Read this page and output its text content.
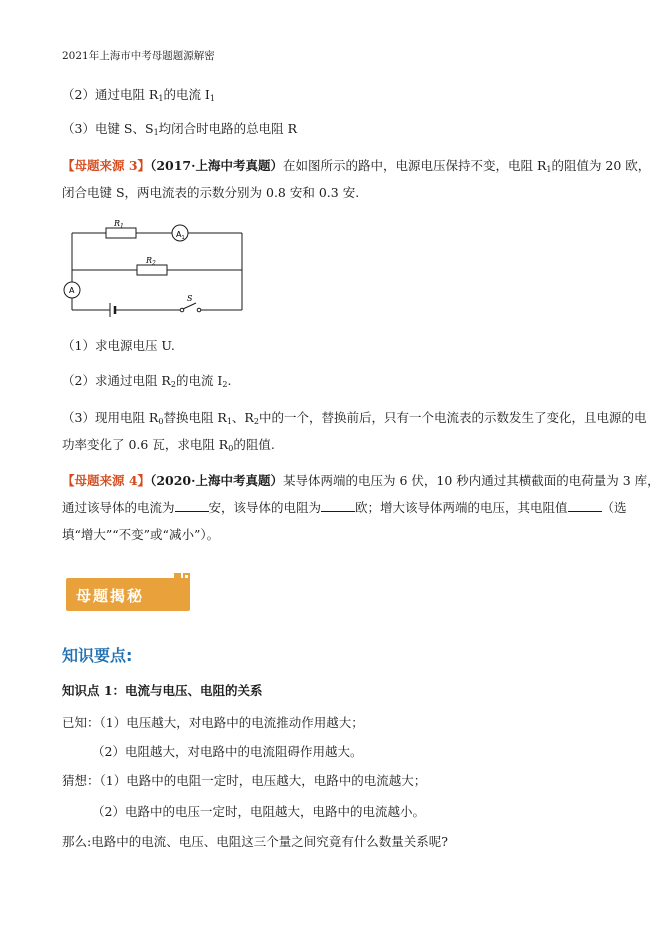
2021年上海市中考母题题源解密
（2）通过电阻 $R_1$的电流 $I_1$
（3）电键 S、$S_1$均闭合时电路的总电阻 R
【母题来源 3】（2017·上海中考真题）在如图所示的路中，电源电压保持不变，电阻 $R_1$的阻值为 20 欧，
闭合电键 S，两电流表的示数分别为 0.8 安和 0.3 安.
$R_1$
$A_1$
$R_2$
A
S
（1）求电源电压 U.
（2）求通过电阻 $R_2$的电流 $I_2$.
（3）现用电阻 $R_0$替换电阻 $R_1$、$R_2$中的一个，替换前后，只有一个电流表的示数发生了变化，且电源的电
功率变化了 0.6 瓦，求电阻 $R_0$的阻值.
【母题来源 4】（2020·上海中考真题）某导体两端的电压为 6 伏，10 秒内通过其横截面的电荷量为 3 库，
通过该导体的电流为	安，该导体的电阻为	欧；增大该导体两端的电压，其电阻值	（选
填“增大”“不变”或“减小”）。
母题揭秘
知识要点:
知识点 1：电流与电压、电阻的关系
已知：（1）电压越大，对电路中的电流推动作用越大；
（2）电阻越大，对电路中的电流阻碍作用越大。
猜想：（1）电路中的电阻一定时，电压越大，电路中的电流越大；
（2）电路中的电压一定时，电阻越大，电路中的电流越小。
那么:电路中的电流、电压、电阻这三个量之间究竟有什么数量关系呢?
